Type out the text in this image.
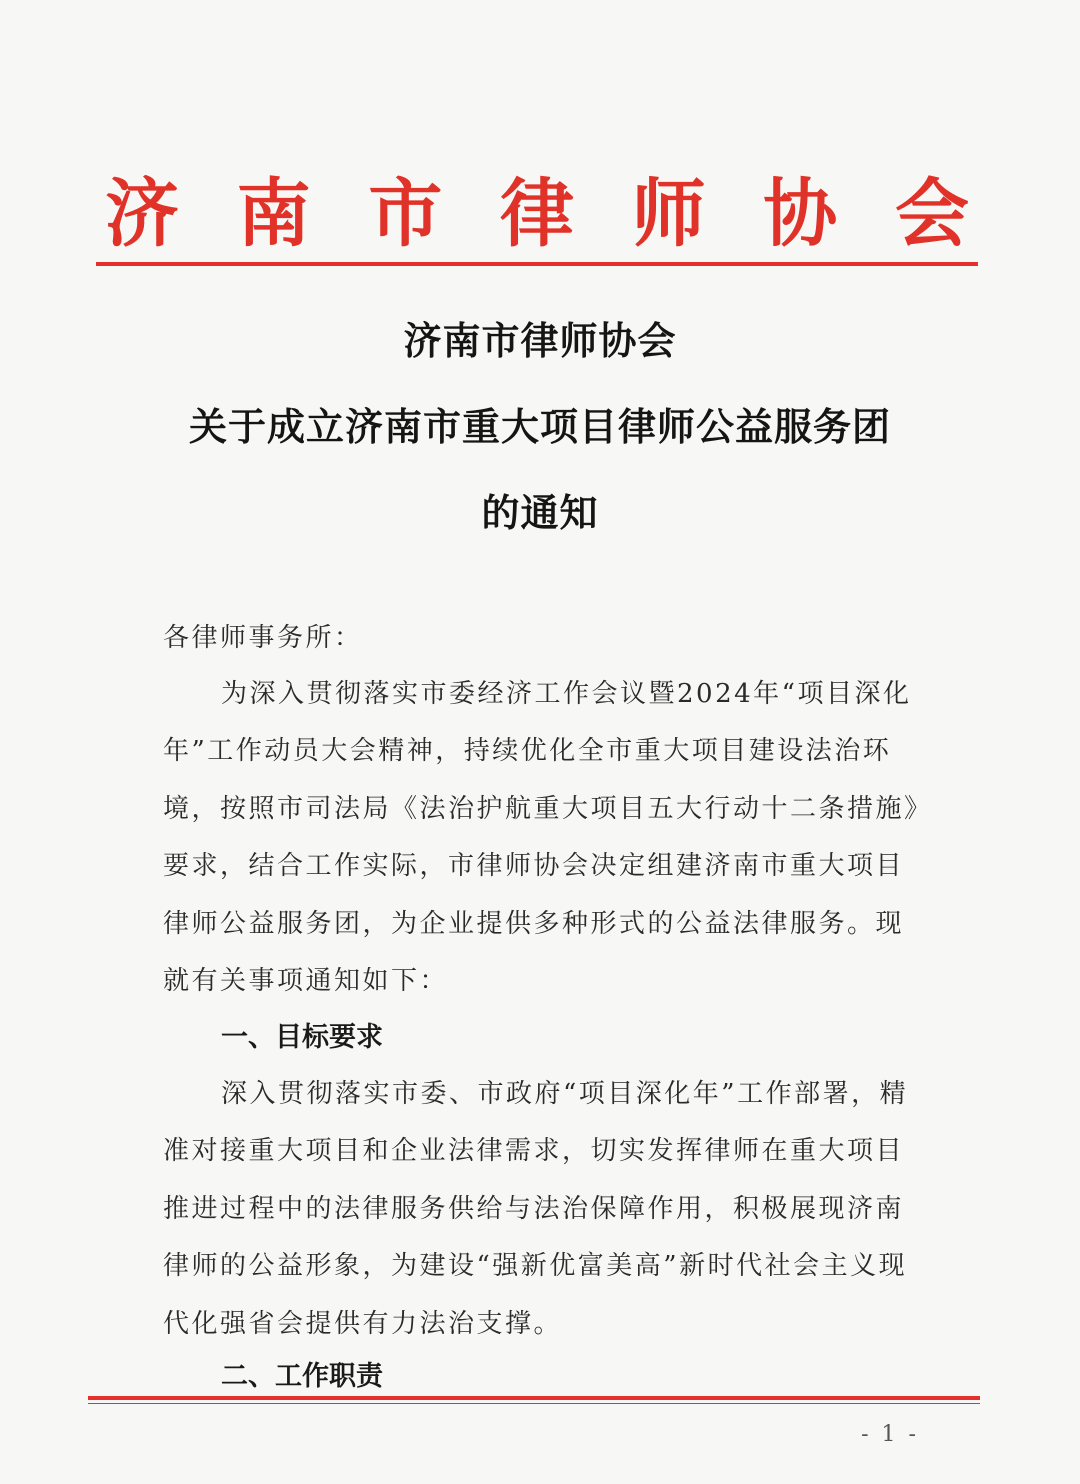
济 南 市 律 师 协 会
济南市律师协会
关于成立济南市重大项目律师公益服务团
的通知

各律师事务所：

为深入贯彻落实市委经济工作会议暨2024年“项目深化年”工作动员大会精神，持续优化全市重大项目建设法治环境，按照市司法局《法治护航重大项目五大行动十二条措施》要求，结合工作实际，市律师协会决定组建济南市重大项目律师公益服务团，为企业提供多种形式的公益法律服务。现就有关事项通知如下：

一、目标要求

深入贯彻落实市委、市政府“项目深化年”工作部署，精准对接重大项目和企业法律需求，切实发挥律师在重大项目推进过程中的法律服务供给与法治保障作用，积极展现济南律师的公益形象，为建设“强新优富美高”新时代社会主义现代化强省会提供有力法治支撑。

二、工作职责
- 1 -
